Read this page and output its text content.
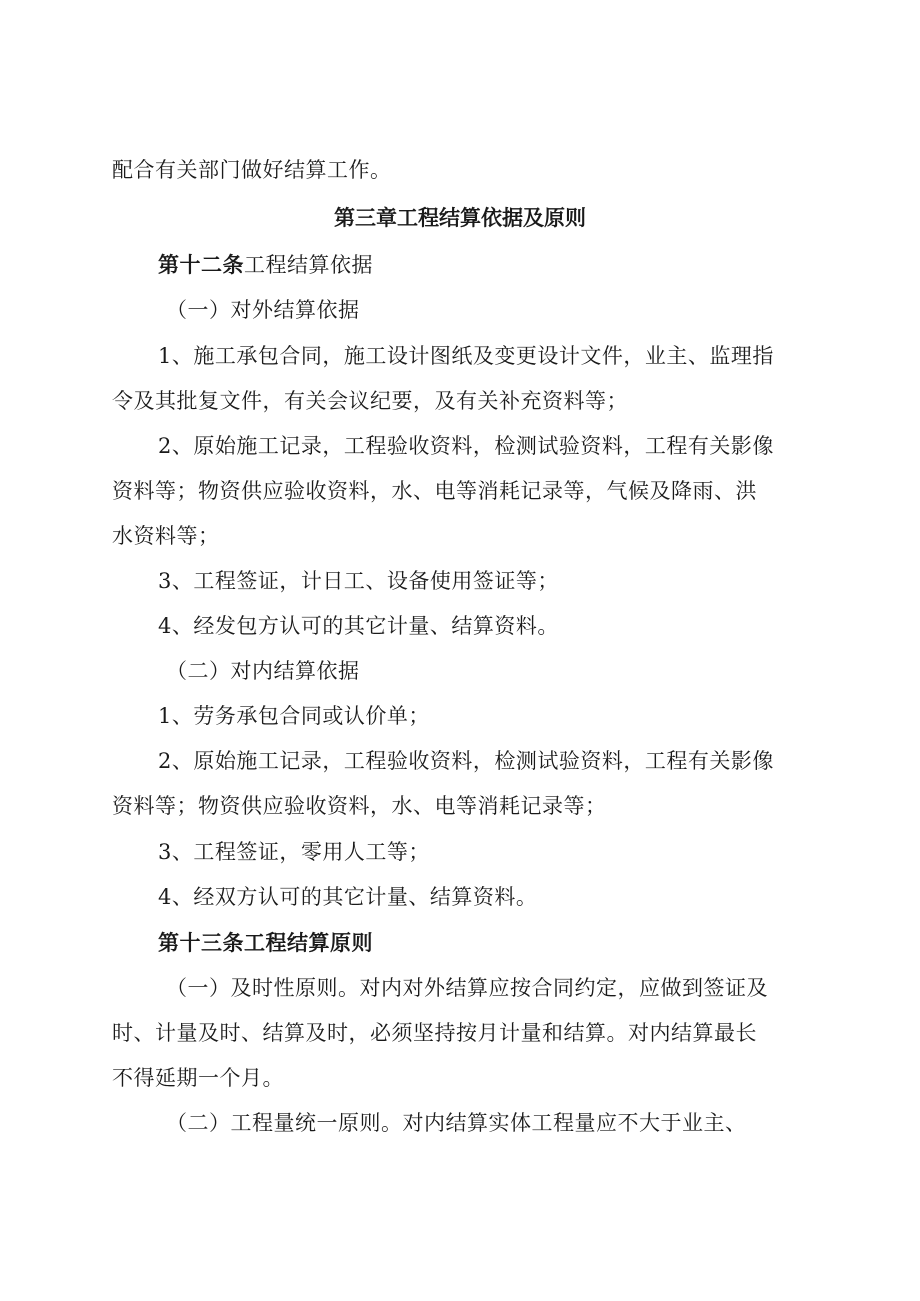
配合有关部门做好结算工作。
第三章工程结算依据及原则
第十二条工程结算依据
（一）对外结算依据
1、施工承包合同，施工设计图纸及变更设计文件，业主、监理指
令及其批复文件，有关会议纪要，及有关补充资料等；
2、原始施工记录，工程验收资料，检测试验资料，工程有关影像
资料等；物资供应验收资料，水、电等消耗记录等，气候及降雨、洪
水资料等；
3、工程签证，计日工、设备使用签证等；
4、经发包方认可的其它计量、结算资料。
（二）对内结算依据
1、劳务承包合同或认价单；
2、原始施工记录，工程验收资料，检测试验资料，工程有关影像
资料等；物资供应验收资料，水、电等消耗记录等；
3、工程签证，零用人工等；
4、经双方认可的其它计量、结算资料。
第十三条工程结算原则
（一）及时性原则。对内对外结算应按合同约定，应做到签证及
时、计量及时、结算及时，必须坚持按月计量和结算。对内结算最长
不得延期一个月。
（二）工程量统一原则。对内结算实体工程量应不大于业主、
